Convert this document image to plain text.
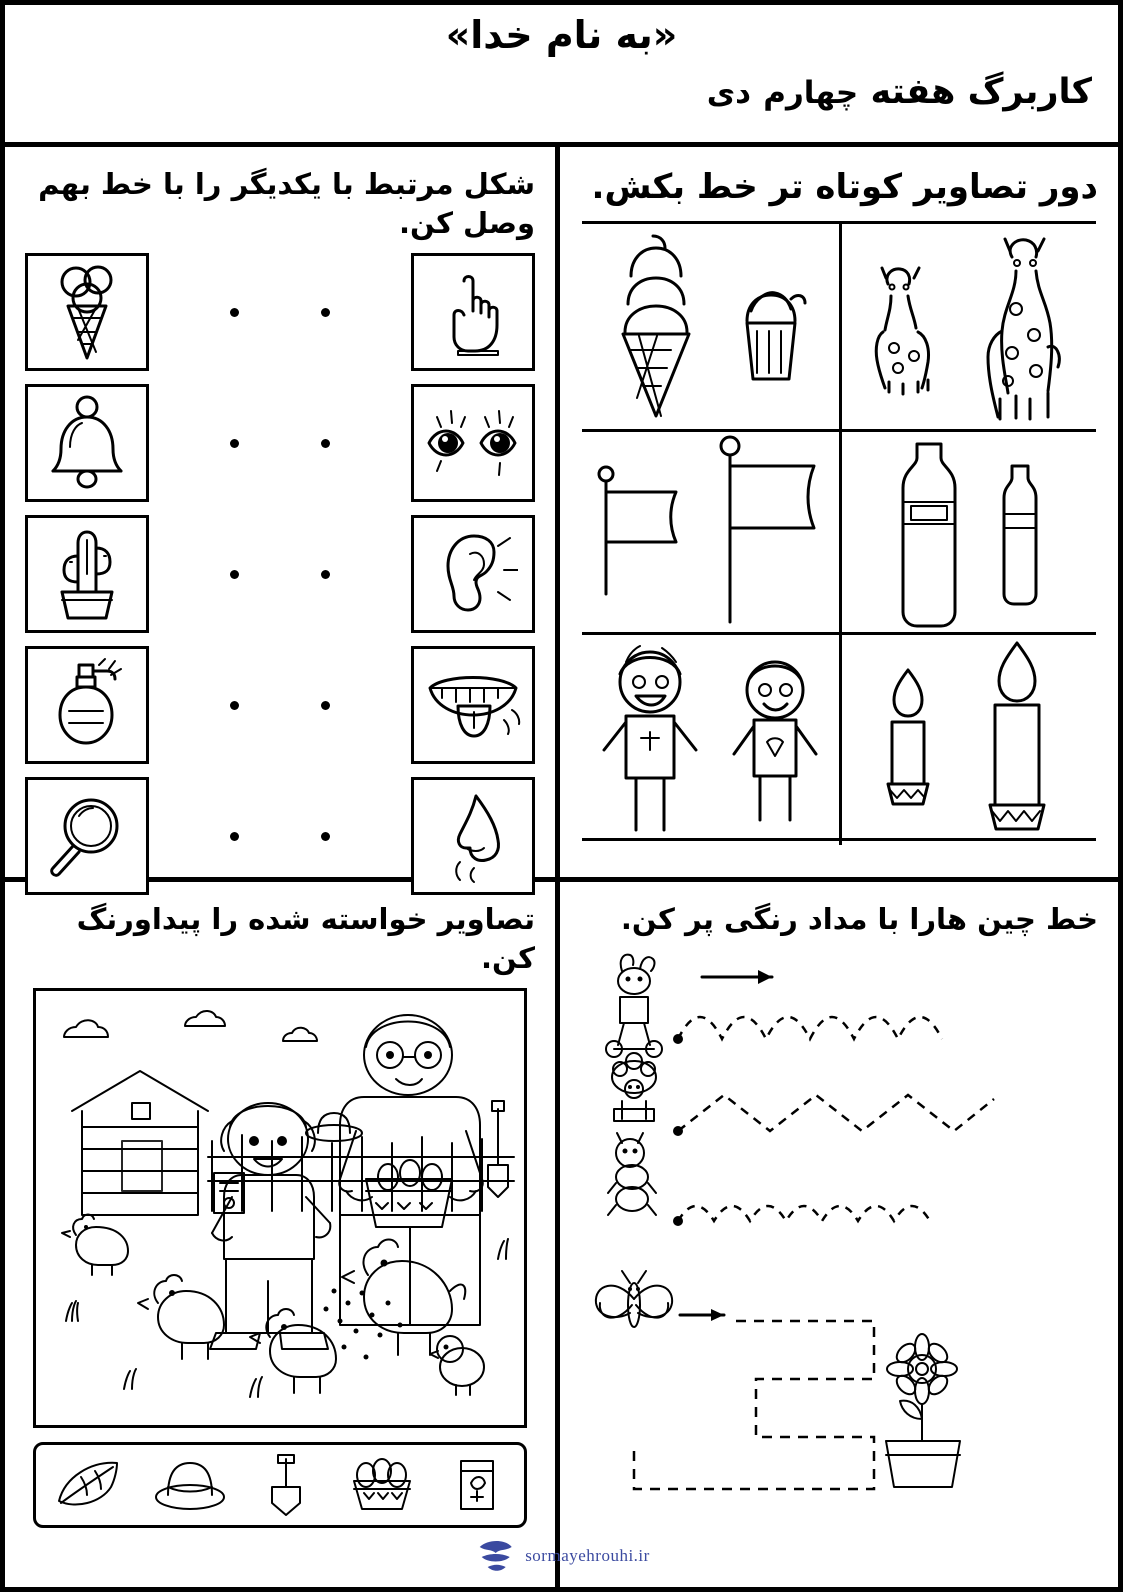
«به نام خدا»
کاربرگ هفته چهارم دی
دور تصاویر کوتاه تر خط بکش.
شکل مرتبط با یکدیگر را با خط بهم وصل کن.
خط چین هارا با مداد رنگی پر کن.
تصاویر خواسته شده را پیداورنگ کن.
sormayehrouhi.ir
